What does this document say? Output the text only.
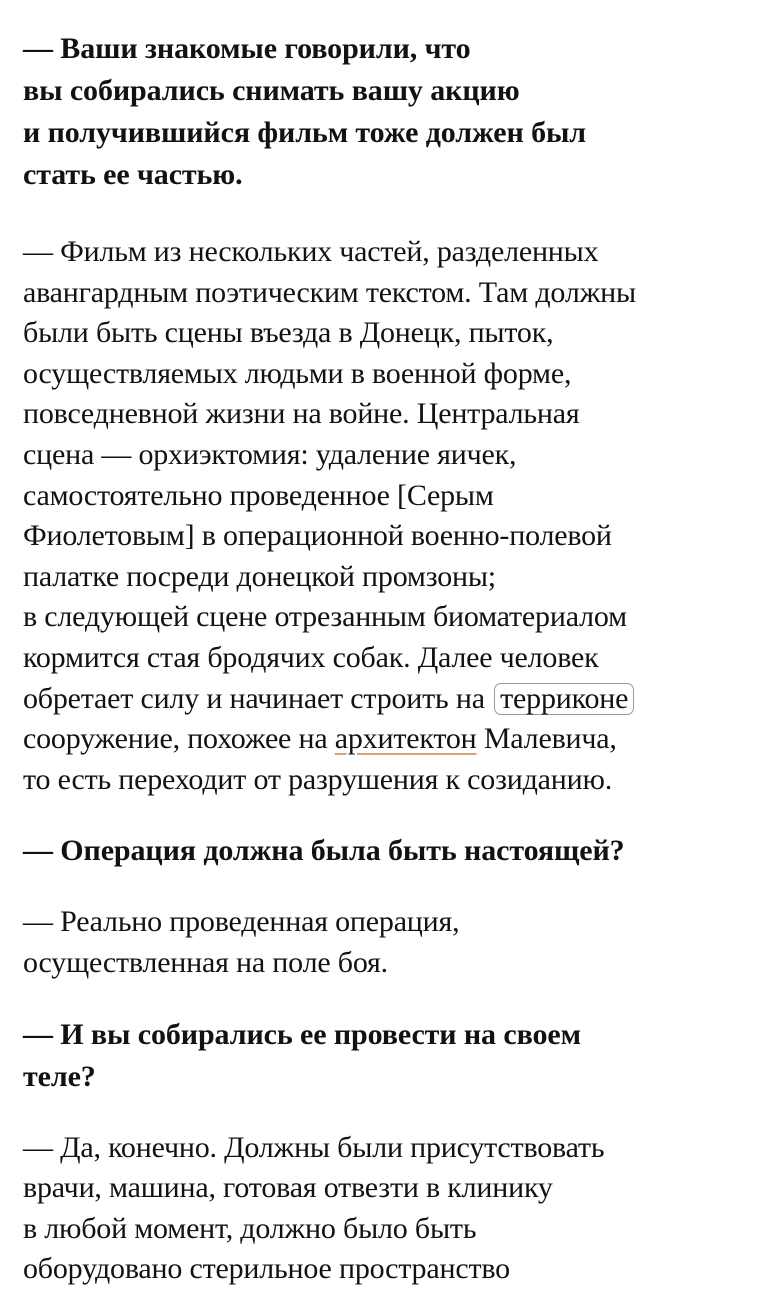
— Ваши знакомые говорили, что
вы собирались снимать вашу акцию
и получившийся фильм тоже должен был
стать ее частью.
— Фильм из нескольких частей, разделенных
авангардным поэтическим текстом. Там должны
были быть сцены въезда в Донецк, пыток,
осуществляемых людьми в военной форме,
повседневной жизни на войне. Центральная
сцена — орхиэктомия: удаление яичек,
самостоятельно проведенное [Серым
Фиолетовым] в операционной военно-полевой
палатке посреди донецкой промзоны;
в следующей сцене отрезанным биоматериалом
кормится стая бродячих собак. Далее человек
обретает силу и начинает строить на терриконе
сооружение, похожее на архитектон Малевича,
то есть переходит от разрушения к созиданию.
— Операция должна была быть настоящей?
— Реально проведенная операция,
осуществленная на поле боя.
— И вы собирались ее провести на своем
теле?
— Да, конечно. Должны были присутствовать
врачи, машина, готовая отвезти в клинику
в любой момент, должно было быть
оборудовано стерильное пространство
